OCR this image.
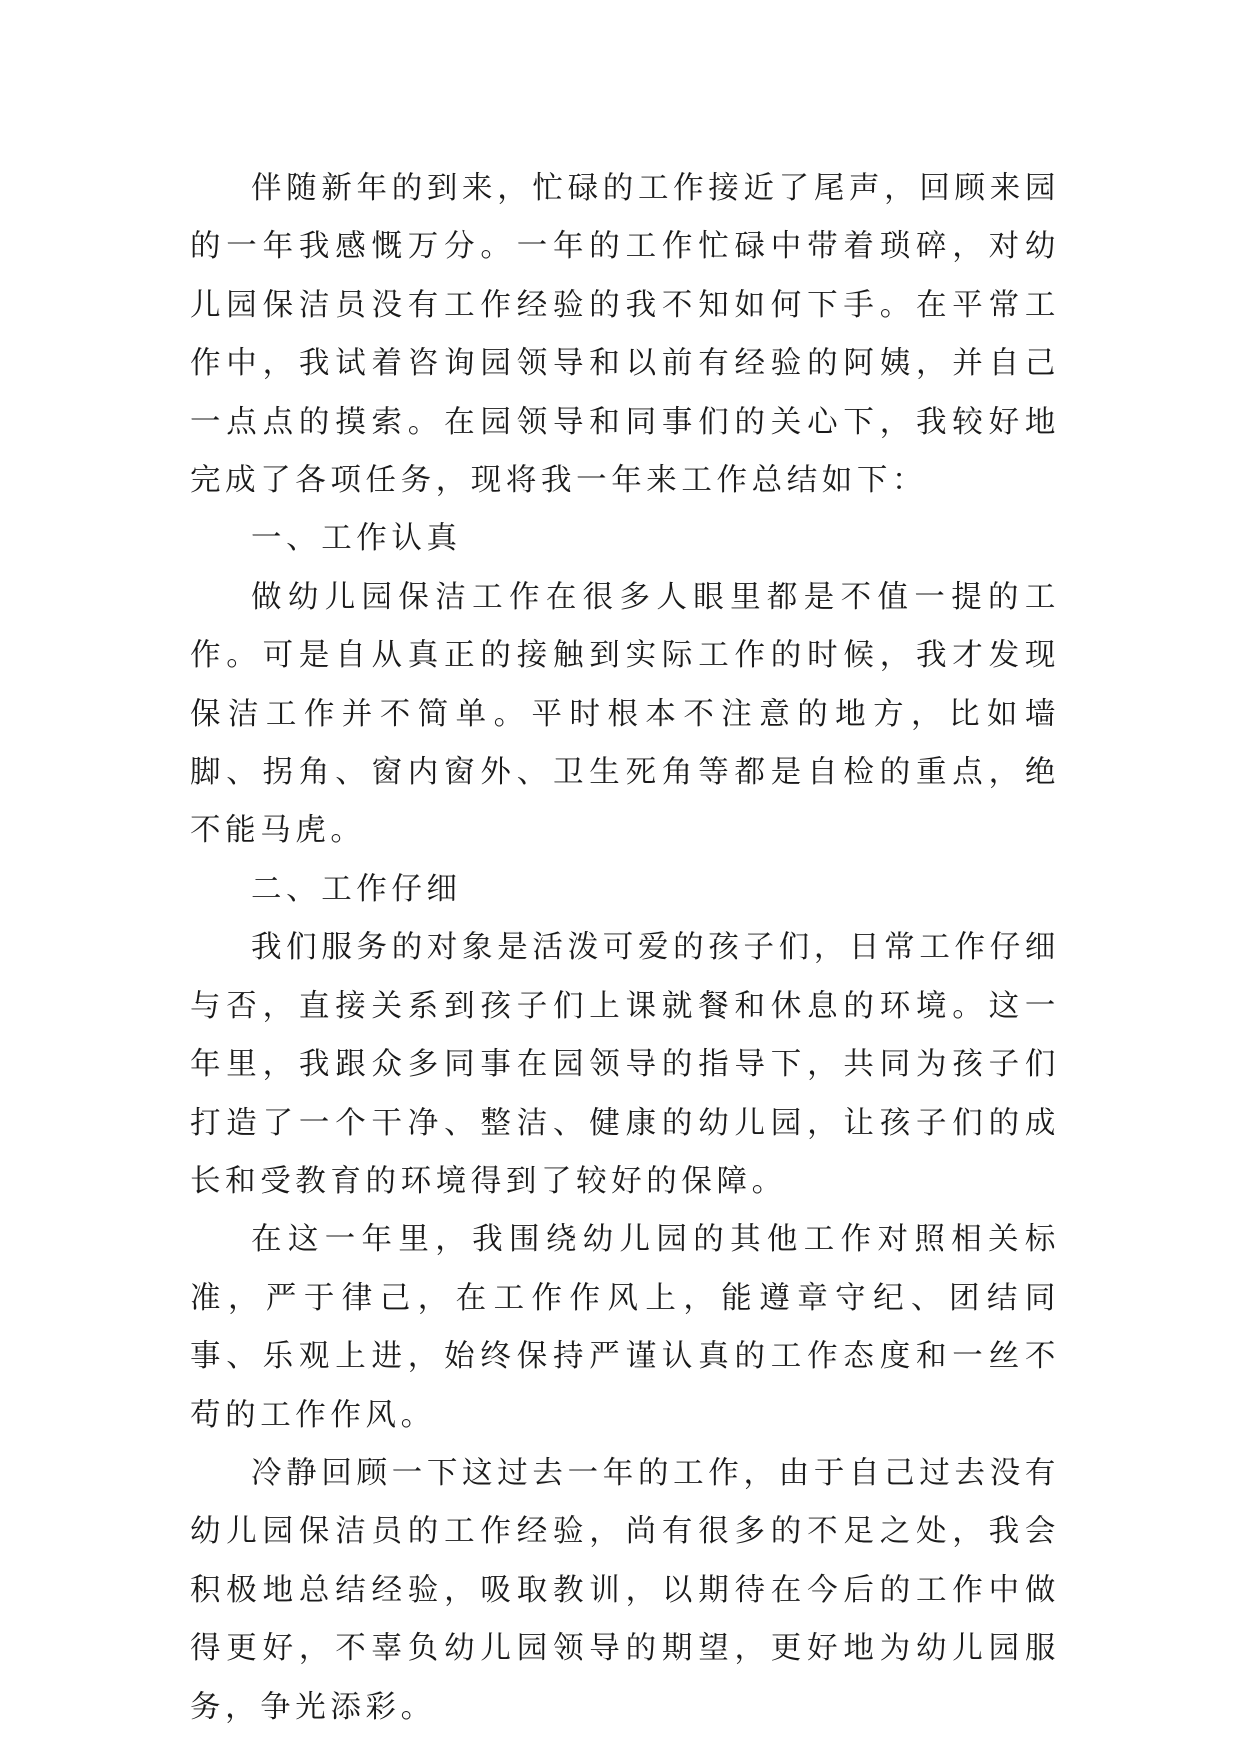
伴随新年的到来，忙碌的工作接近了尾声，回顾来园的一年我感慨万分。一年的工作忙碌中带着琐碎，对幼儿园保洁员没有工作经验的我不知如何下手。在平常工作中，我试着咨询园领导和以前有经验的阿姨，并自己一点点的摸索。在园领导和同事们的关心下，我较好地完成了各项任务，现将我一年来工作总结如下：

一、工作认真

做幼儿园保洁工作在很多人眼里都是不值一提的工作。可是自从真正的接触到实际工作的时候，我才发现保洁工作并不简单。平时根本不注意的地方，比如墙脚、拐角、窗内窗外、卫生死角等都是自检的重点，绝不能马虎。

二、工作仔细

我们服务的对象是活泼可爱的孩子们，日常工作仔细与否，直接关系到孩子们上课就餐和休息的环境。这一年里，我跟众多同事在园领导的指导下，共同为孩子们打造了一个干净、整洁、健康的幼儿园，让孩子们的成长和受教育的环境得到了较好的保障。

在这一年里，我围绕幼儿园的其他工作对照相关标准，严于律己，在工作作风上，能遵章守纪、团结同事、乐观上进，始终保持严谨认真的工作态度和一丝不苟的工作作风。

冷静回顾一下这过去一年的工作，由于自己过去没有幼儿园保洁员的工作经验，尚有很多的不足之处，我会积极地总结经验，吸取教训，以期待在今后的工作中做得更好，不辜负幼儿园领导的期望，更好地为幼儿园服务，争光添彩。
